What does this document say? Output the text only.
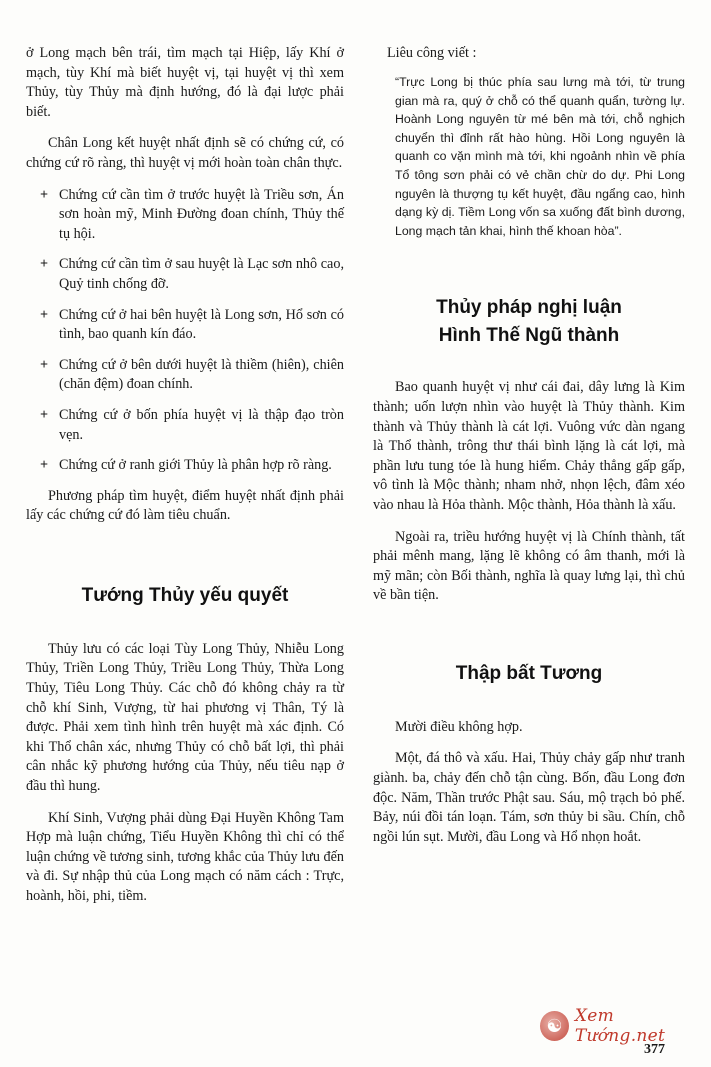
ở Long mạch bên trái, tìm mạch tại Hiệp, lấy Khí ở mạch, tùy Khí mà biết huyệt vị, tại huyệt vị thì xem Thủy, tùy Thủy mà định hướng, đó là đại lược phải biết.

Chân Long kết huyệt nhất định sẽ có chứng cứ, có chứng cứ rõ ràng, thì huyệt vị mới hoàn toàn chân thực.

+ Chứng cứ cần tìm ở trước huyệt là Triều sơn, Án sơn hoàn mỹ, Minh Đường đoan chính, Thủy thế tụ hội.
+ Chứng cứ cần tìm ở sau huyệt là Lạc sơn nhô cao, Quỷ tinh chống đỡ.
+ Chứng cứ ở hai bên huyệt là Long sơn, Hổ sơn có tình, bao quanh kín đáo.
+ Chứng cứ ở bên dưới huyệt là thiềm (hiên), chiên (chăn đệm) đoan chính.
+ Chứng cứ ở bốn phía huyệt vị là thập đạo tròn vẹn.
+ Chứng cứ ở ranh giới Thủy là phân hợp rõ ràng.

Phương pháp tìm huyệt, điểm huyệt nhất định phải lấy các chứng cứ đó làm tiêu chuẩn.

Tướng Thủy yếu quyết

Thủy lưu có các loại Tùy Long Thủy, Nhiễu Long Thủy, Triền Long Thủy, Triều Long Thủy, Thừa Long Thủy, Tiêu Long Thủy. Các chỗ đó không chảy ra từ chỗ khí Sinh, Vượng, từ hai phương vị Thân, Tý là được. Phải xem tình hình trên huyệt mà xác định. Có khi Thổ chân xác, nhưng Thủy có chỗ bất lợi, thì phải cân nhắc kỹ phương hướng của Thủy, nếu tiêu nạp ở đầu thì hung.

Khí Sinh, Vượng phải dùng Đại Huyền Không Tam Hợp mà luận chứng, Tiểu Huyền Không thì chỉ có thể luận chứng về tương sinh, tương khắc của Thủy lưu đến và đi. Sự nhập thủ của Long mạch có năm cách : Trực, hoành, hồi, phi, tiềm.

Liêu công viết :

“Trực Long bị thúc phía sau lưng mà tới, từ trung gian mà ra, quý ở chỗ có thể quanh quẩn, tường lự. Hoành Long nguyên từ mé bên mà tới, chỗ nghịch chuyển thì đỉnh rất hào hùng. Hồi Long nguyên là quanh co vặn mình mà tới, khi ngoảnh nhìn về phía Tổ tông sơn phải có vẻ chần chừ do dự. Phi Long nguyên là thượng tụ kết huyệt, đầu ngẩng cao, hình dạng kỳ dị. Tiềm Long vốn sa xuống đất bình dương, Long mạch tản khai, hình thế khoan hòa”.

Thủy pháp nghị luận
Hình Thế Ngũ thành

Bao quanh huyệt vị như cái đai, dây lưng là Kim thành; uốn lượn nhìn vào huyệt là Thủy thành. Kim thành và Thủy thành là cát lợi. Vuông vức dàn ngang là Thổ thành, trông thư thái bình lặng là cát lợi, mà phần lưu tung tóe là hung hiểm. Chảy thẳng gấp gấp, vô tình là Mộc thành; nham nhở, nhọn lệch, đâm xéo vào nhau là Hỏa thành. Mộc thành, Hỏa thành là xấu.

Ngoài ra, triều hướng huyệt vị là Chính thành, tất phải mênh mang, lặng lẽ không có âm thanh, mới là mỹ mãn; còn Bối thành, nghĩa là quay lưng lại, thì chủ về bần tiện.

Thập bất Tương

Mười điều không hợp.

Một, đá thô và xấu. Hai, Thủy chảy gấp như tranh giành. ba, chảy đến chỗ tận cùng. Bốn, đầu Long đơn độc. Năm, Thần trước Phật sau. Sáu, mộ trạch bỏ phế. Bảy, núi đồi tán loạn. Tám, sơn thủy bi sầu. Chín, chỗ ngồi lún sụt. Mười, đầu Long và Hổ nhọn hoắt.

☯ Xem Tướng.net
377
